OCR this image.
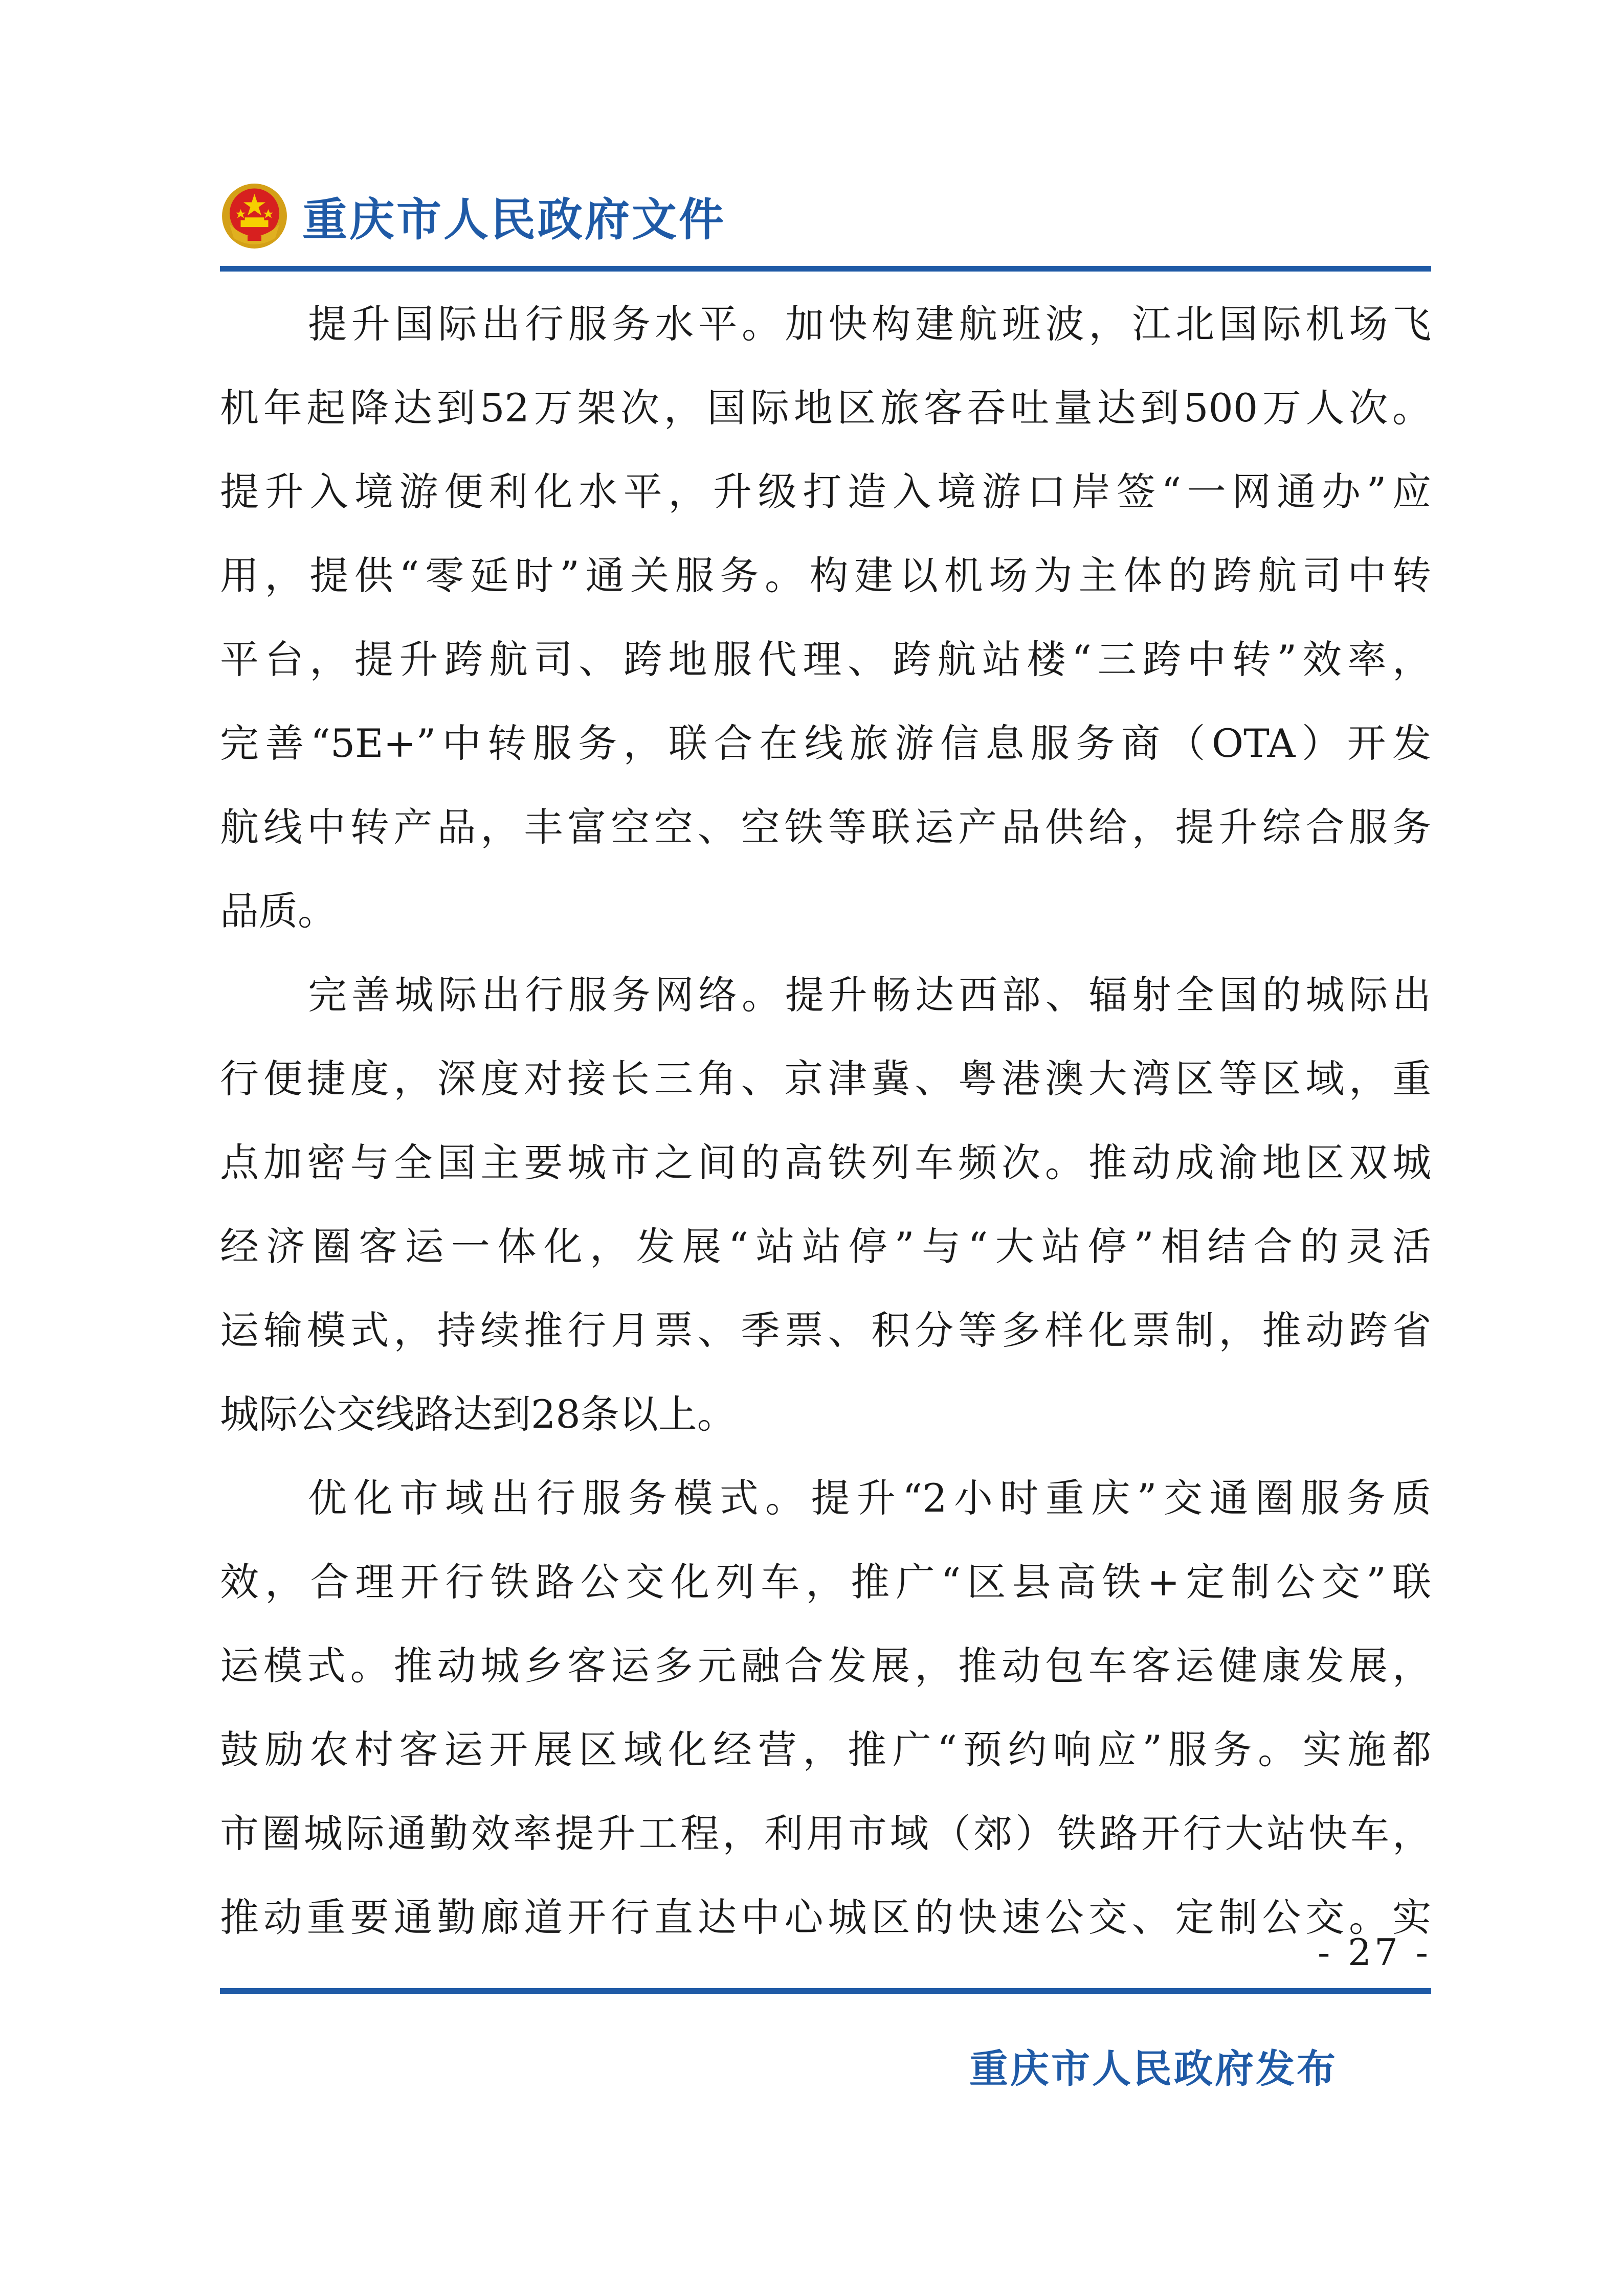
重庆市人民政府文件
提升国际出行服务水平。加快构建航班波，江北国际机场飞
机年起降达到52万架次，国际地区旅客吞吐量达到500万人次。
提升入境游便利化水平，升级打造入境游口岸签“一网通办”应
用，提供“零延时”通关服务。构建以机场为主体的跨航司中转
平台，提升跨航司、跨地服代理、跨航站楼“三跨中转”效率，
完善“5E+”中转服务，联合在线旅游信息服务商（OTA）开发
航线中转产品，丰富空空、空铁等联运产品供给，提升综合服务
品质。
完善城际出行服务网络。提升畅达西部、辐射全国的城际出
行便捷度，深度对接长三角、京津冀、粤港澳大湾区等区域，重
点加密与全国主要城市之间的高铁列车频次。推动成渝地区双城
经济圈客运一体化，发展“站站停”与“大站停”相结合的灵活
运输模式，持续推行月票、季票、积分等多样化票制，推动跨省
城际公交线路达到28条以上。
优化市域出行服务模式。提升“2小时重庆”交通圈服务质
效，合理开行铁路公交化列车，推广“区县高铁+定制公交”联
运模式。推动城乡客运多元融合发展，推动包车客运健康发展，
鼓励农村客运开展区域化经营，推广“预约响应”服务。实施都
市圈城际通勤效率提升工程，利用市域（郊）铁路开行大站快车，
推动重要通勤廊道开行直达中心城区的快速公交、定制公交。实
- 27 -
重庆市人民政府发布
